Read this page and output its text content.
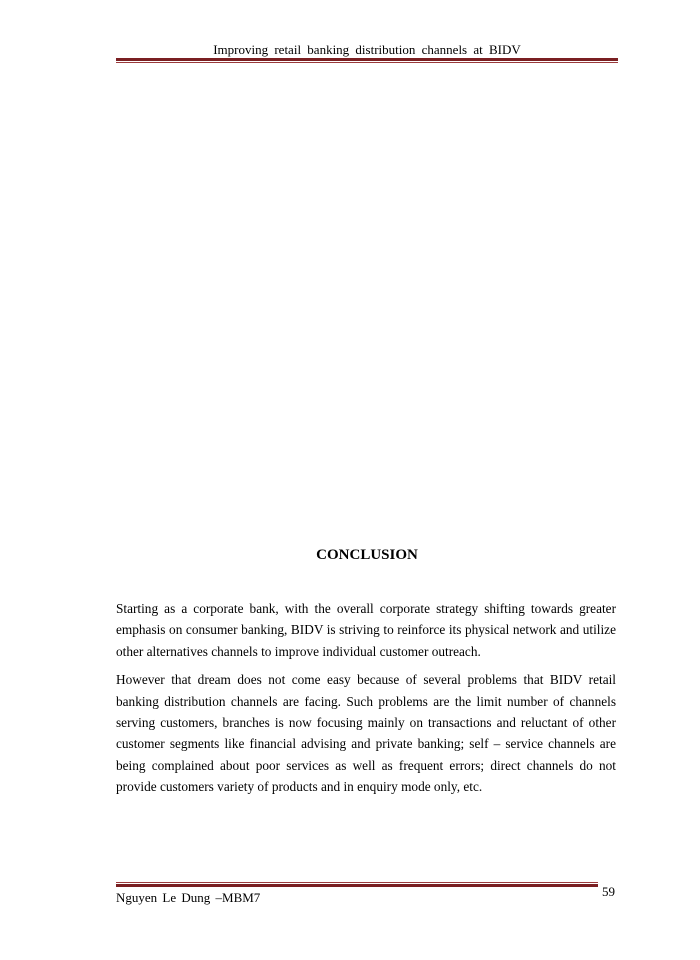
Improving retail banking distribution channels at BIDV
CONCLUSION

Starting as a corporate bank, with the overall corporate strategy shifting towards greater emphasis on consumer banking, BIDV is striving to reinforce its physical network and utilize other alternatives channels to improve individual customer outreach.

However that dream does not come easy because of several problems that BIDV retail banking distribution channels are facing. Such problems are the limit number of channels serving customers, branches is now focusing mainly on transactions and reluctant of other customer segments like financial advising and private banking; self – service channels are being complained about poor services as well as frequent errors; direct channels do not provide customers variety of products and in enquiry mode only, etc.

Nguyen Le Dung –MBM7	59
